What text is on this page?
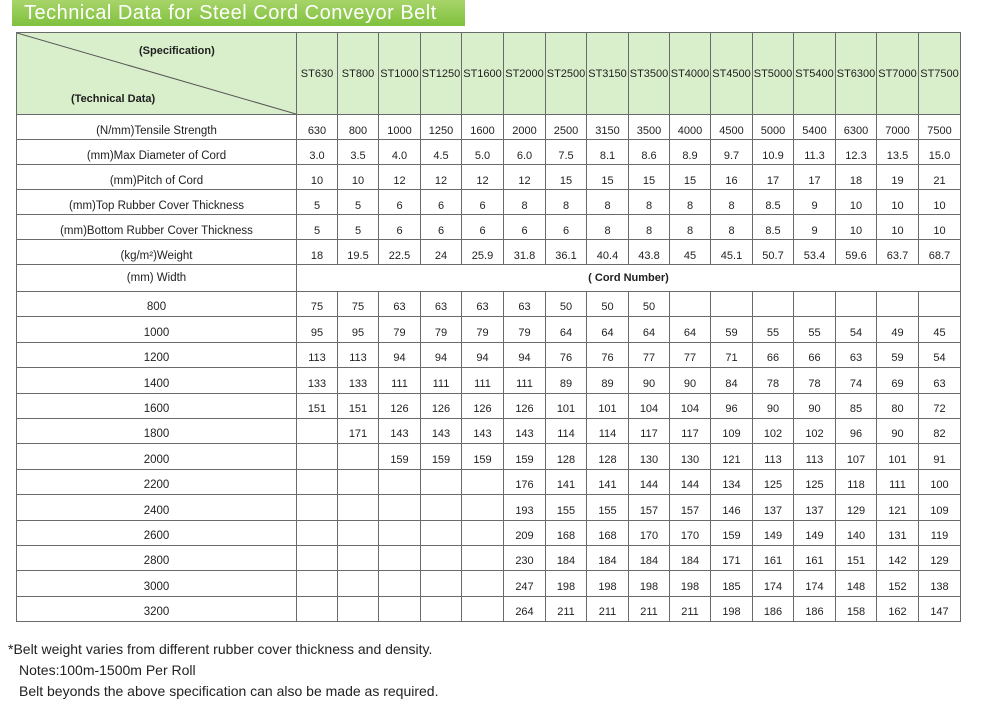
Technical Data for Steel Cord Conveyor Belt
(Specification)
(Technical Data)	ST630	ST800	ST1000	ST1250	ST1600	ST2000	ST2500	ST3150	ST3500	ST4000	ST4500	ST5000	ST5400	ST6300	ST7000	ST7500
(N/mm)Tensile Strength	630	800	1000	1250	1600	2000	2500	3150	3500	4000	4500	5000	5400	6300	7000	7500
(mm)Max Diameter of Cord	3.0	3.5	4.0	4.5	5.0	6.0	7.5	8.1	8.6	8.9	9.7	10.9	11.3	12.3	13.5	15.0
(mm)Pitch of Cord	10	10	12	12	12	12	15	15	15	15	16	17	17	18	19	21
(mm)Top Rubber Cover Thickness	5	5	6	6	6	8	8	8	8	8	8	8.5	9	10	10	10
(mm)Bottom Rubber Cover Thickness	5	5	6	6	6	6	6	8	8	8	8	8.5	9	10	10	10
(kg/m²)Weight	18	19.5	22.5	24	25.9	31.8	36.1	40.4	43.8	45	45.1	50.7	53.4	59.6	63.7	68.7
(mm) Width	( Cord Number)															
800	75	75	63	63	63	63	50	50	50							
1000	95	95	79	79	79	79	64	64	64	64	59	55	55	54	49	45
1200	113	113	94	94	94	94	76	76	77	77	71	66	66	63	59	54
1400	133	133	111	111	111	111	89	89	90	90	84	78	78	74	69	63
1600	151	151	126	126	126	126	101	101	104	104	96	90	90	85	80	72
1800		171	143	143	143	143	114	114	117	117	109	102	102	96	90	82
2000			159	159	159	159	128	128	130	130	121	113	113	107	101	91
2200						176	141	141	144	144	134	125	125	118	111	100
2400						193	155	155	157	157	146	137	137	129	121	109
2600						209	168	168	170	170	159	149	149	140	131	119
2800						230	184	184	184	184	171	161	161	151	142	129
3000						247	198	198	198	198	185	174	174	148	152	138
3200						264	211	211	211	211	198	186	186	158	162	147
*Belt weight varies from different rubber cover thickness and density.
Notes:100m-1500m Per Roll
Belt beyonds the above specification can also be made as required.
